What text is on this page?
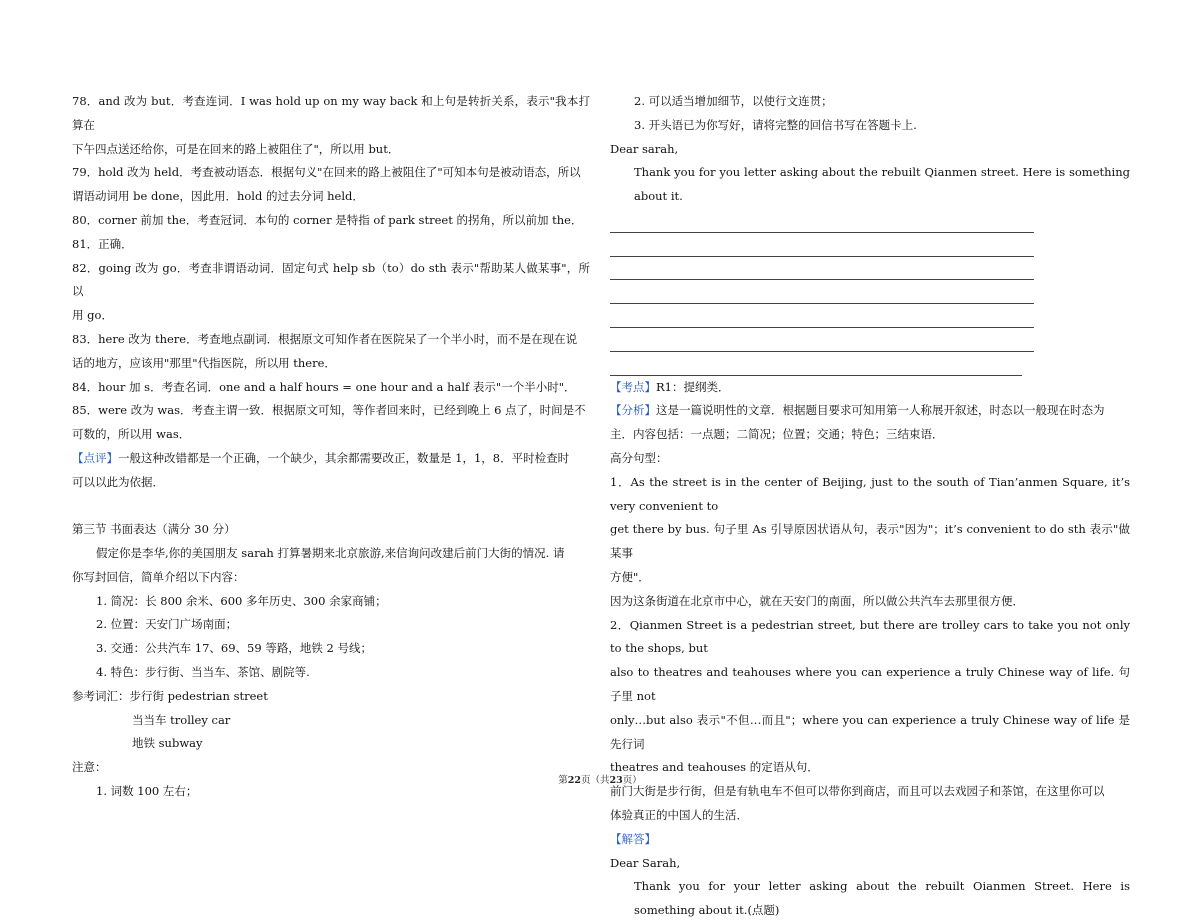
78．and 改为 but．考查连词．I was hold up on my way back 和上句是转折关系，表示"我本打算在

下午四点送还给你，可是在回来的路上被阻住了"，所以用 but．

79．hold 改为 held．考查被动语态．根据句义"在回来的路上被阻住了"可知本句是被动语态，所以

谓语动词用 be done，因此用．hold 的过去分词 held．

80．corner 前加 the．考查冠词．本句的 corner 是特指 of park street 的拐角，所以前加 the．

81．正确．

82．going 改为 go．考查非谓语动词．固定句式 help sb（to）do sth 表示"帮助某人做某事"，所以

用 go．

83．here 改为 there．考查地点副词．根据原文可知作者在医院呆了一个半小时，而不是在现在说

话的地方，应该用"那里"代指医院，所以用 there．

84．hour 加 s．考查名词．one and a half hours = one hour and a half 表示"一个半小时"．

85．were 改为 was．考查主谓一致．根据原文可知，等作者回来时，已经到晚上 6 点了，时间是不

可数的，所以用 was．

【点评】一般这种改错都是一个正确，一个缺少，其余都需要改正，数量是 1，1，8．平时检查时

可以以此为依据．

第三节 书面表达（满分 30 分）

假定你是李华,你的美国朋友 sarah 打算暑期来北京旅游,来信询问改建后前门大街的情况. 请

你写封回信，简单介绍以下内容：

1. 简况：长 800 余米、600 多年历史、300 余家商铺；

2. 位置：天安门广场南面；

3. 交通：公共汽车 17、69、59 等路，地铁 2 号线；

4. 特色：步行街、当当车、茶馆、剧院等.

参考词汇：步行街 pedestrian street

当当车 trolley car

地铁 subway

注意：

1. 词数 100 左右；

2. 可以适当增加细节，以使行文连贯；

3. 开头语已为你写好，请将完整的回信书写在答题卡上.

Dear sarah,

Thank you for you letter asking about the rebuilt Qianmen street. Here is something about it.

【考点】R1：提纲类．

【分析】这是一篇说明性的文章．根据题目要求可知用第一人称展开叙述，时态以一般现在时态为

主．内容包括：一点题；二简况；位置；交通；特色；三结束语．

高分句型：

1．As the street is in the center of Beijing, just to the south of Tian’anmen Square, it’s very convenient to

get there by bus. 句子里 As 引导原因状语从句，表示"因为"；it’s convenient to do sth 表示"做某事

方便"．

因为这条街道在北京市中心，就在天安门的南面，所以做公共汽车去那里很方便．

2．Qianmen Street is a pedestrian street, but there are trolley cars to take you not only to the shops, but

also to theatres and teahouses where you can experience a truly Chinese way of life. 句子里 not

only…but also 表示"不但…而且"；where you can experience a truly Chinese way of life 是先行词

theatres and teahouses 的定语从句．

前门大街是步行街，但是有轨电车不但可以带你到商店，而且可以去戏园子和茶馆，在这里你可以

体验真正的中国人的生活．

【解答】

Dear Sarah,

Thank you for your letter asking about the rebuilt Oianmen Street. Here is something about it.(点题)

第22页（共23页）
